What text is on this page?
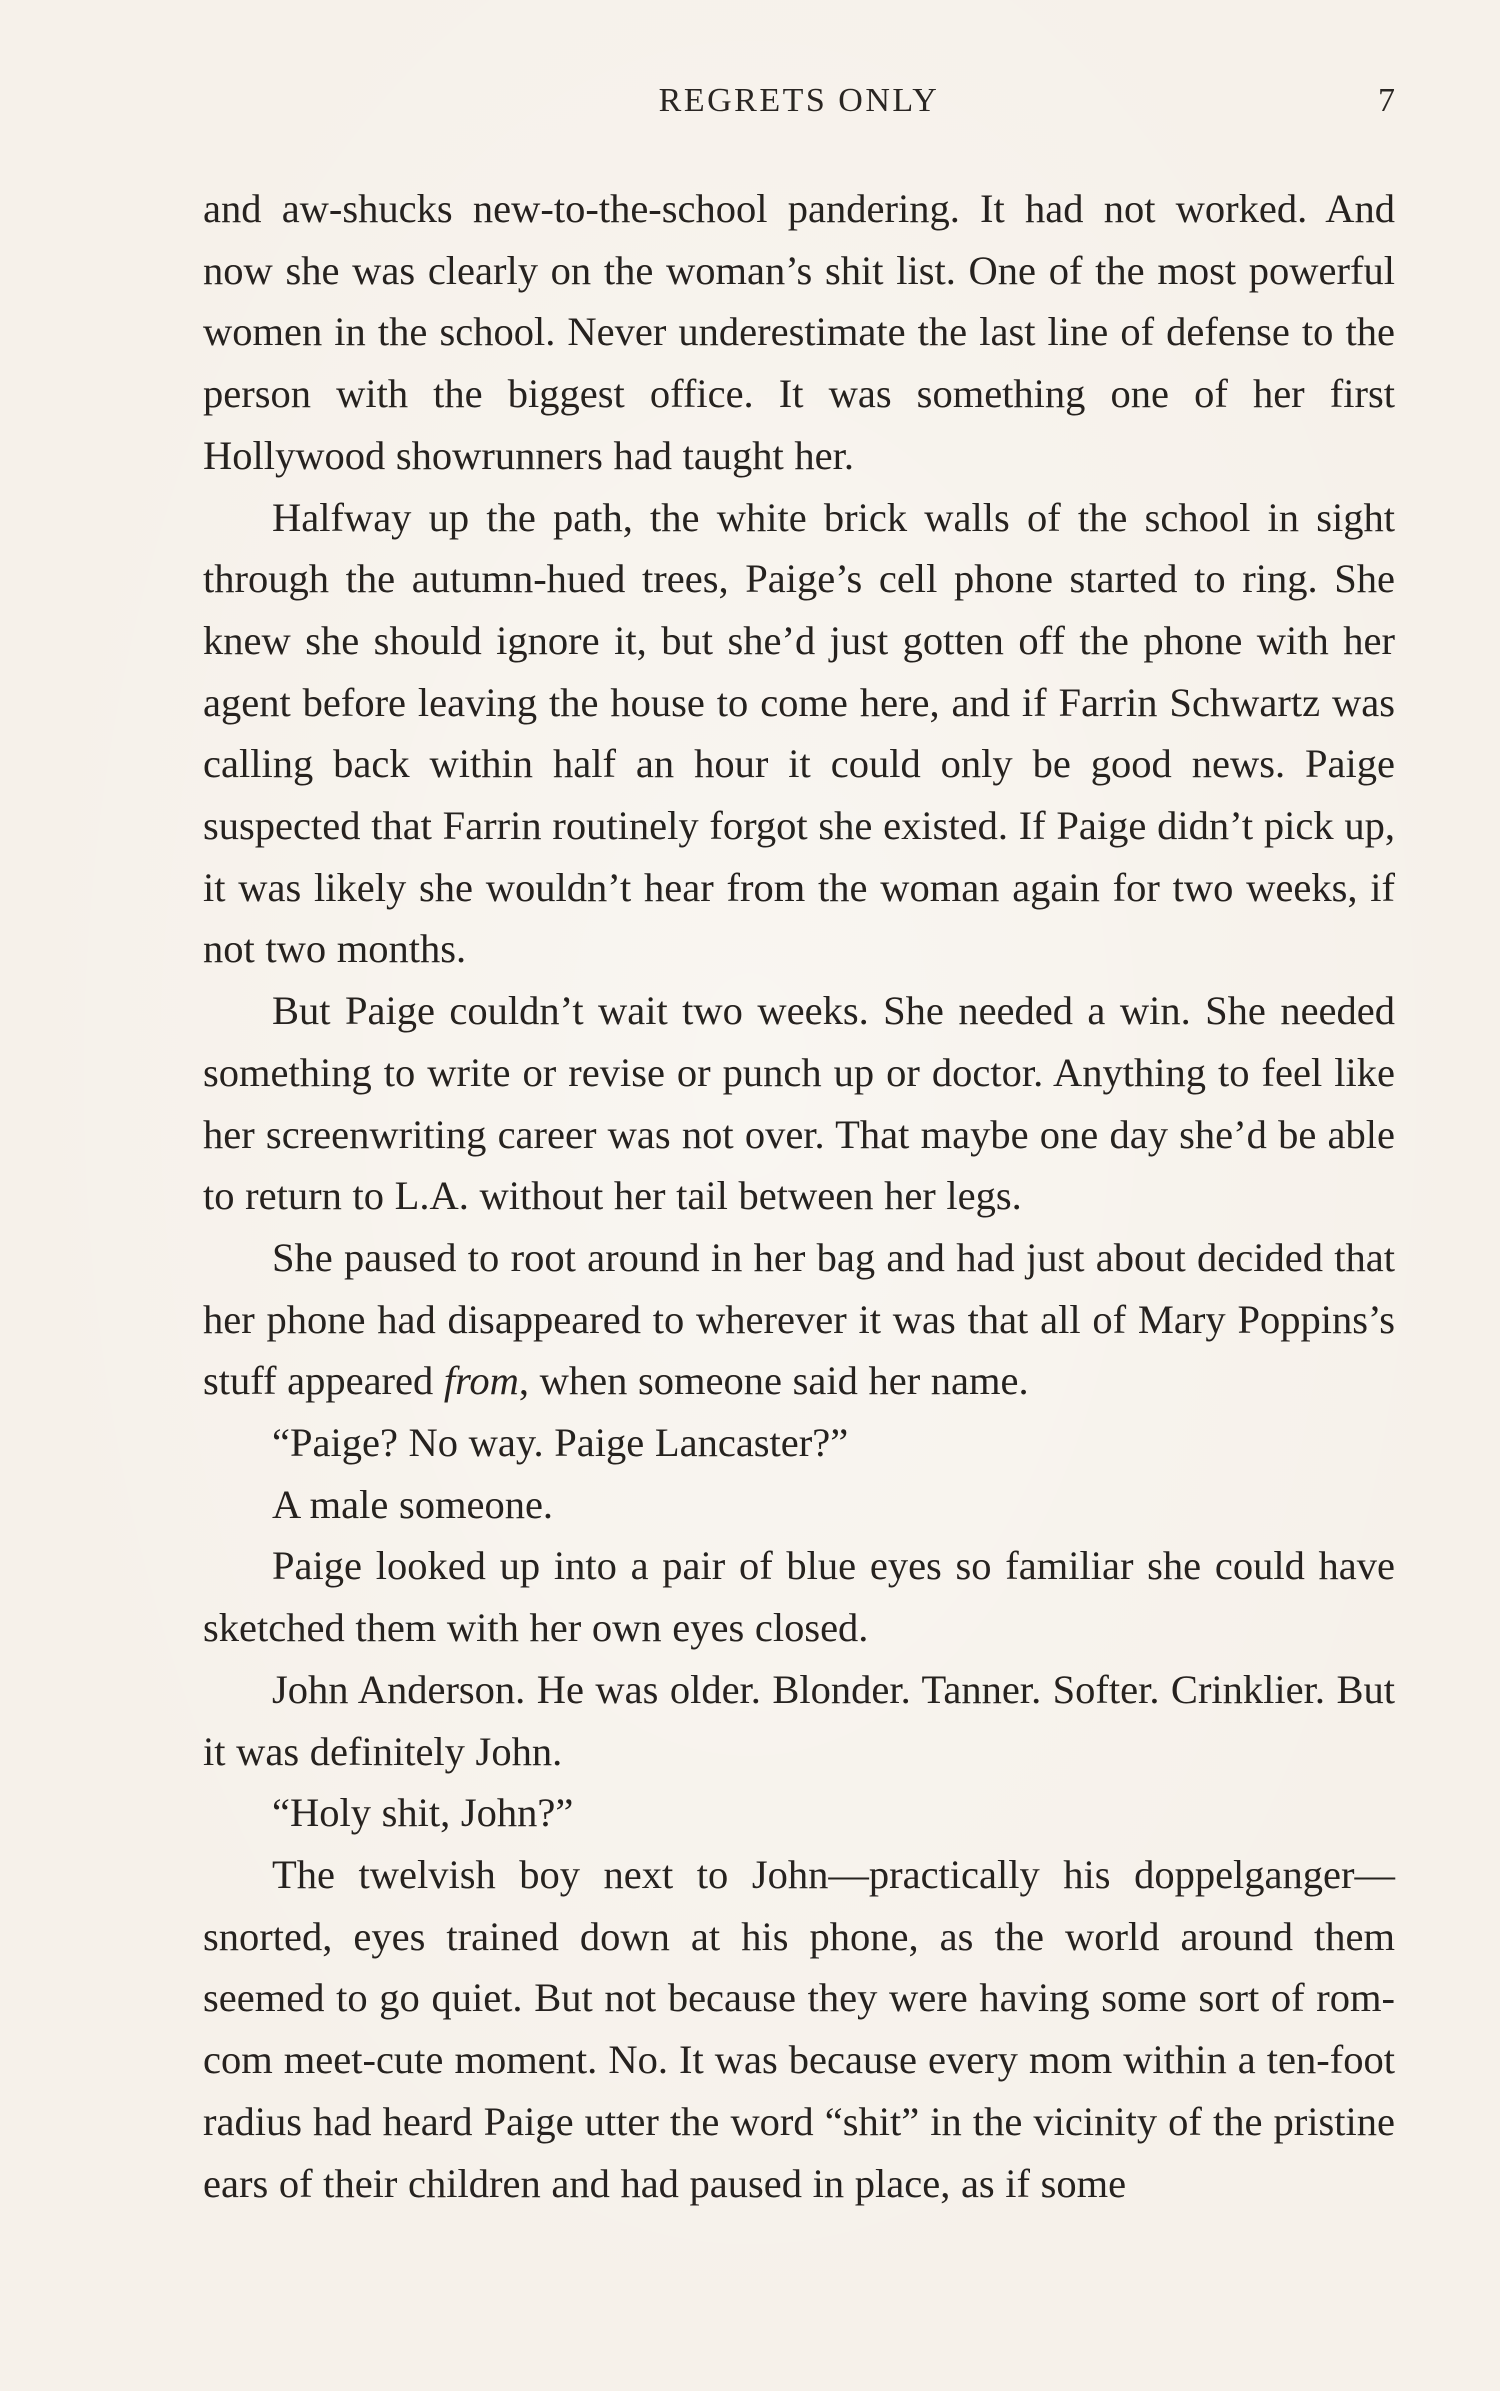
REGRETS ONLY	7

and aw-shucks new-to-the-school pandering. It had not worked. And now she was clearly on the woman’s shit list. One of the most powerful women in the school. Never underestimate the last line of defense to the person with the biggest office. It was something one of her first Hollywood showrunners had taught her.

Halfway up the path, the white brick walls of the school in sight through the autumn-hued trees, Paige’s cell phone started to ring. She knew she should ignore it, but she’d just gotten off the phone with her agent before leaving the house to come here, and if Farrin Schwartz was calling back within half an hour it could only be good news. Paige suspected that Farrin routinely forgot she existed. If Paige didn’t pick up, it was likely she wouldn’t hear from the woman again for two weeks, if not two months.

But Paige couldn’t wait two weeks. She needed a win. She needed something to write or revise or punch up or doctor. Anything to feel like her screenwriting career was not over. That maybe one day she’d be able to return to L.A. without her tail between her legs.

She paused to root around in her bag and had just about decided that her phone had disappeared to wherever it was that all of Mary Poppins’s stuff appeared from, when someone said her name.

“Paige? No way. Paige Lancaster?”

A male someone.

Paige looked up into a pair of blue eyes so familiar she could have sketched them with her own eyes closed.

John Anderson. He was older. Blonder. Tanner. Softer. Crinklier. But it was definitely John.

“Holy shit, John?”

The twelvish boy next to John—practically his doppelganger—snorted, eyes trained down at his phone, as the world around them seemed to go quiet. But not because they were having some sort of rom-com meet-cute moment. No. It was because every mom within a ten-foot radius had heard Paige utter the word “shit” in the vicinity of the pristine ears of their children and had paused in place, as if some
